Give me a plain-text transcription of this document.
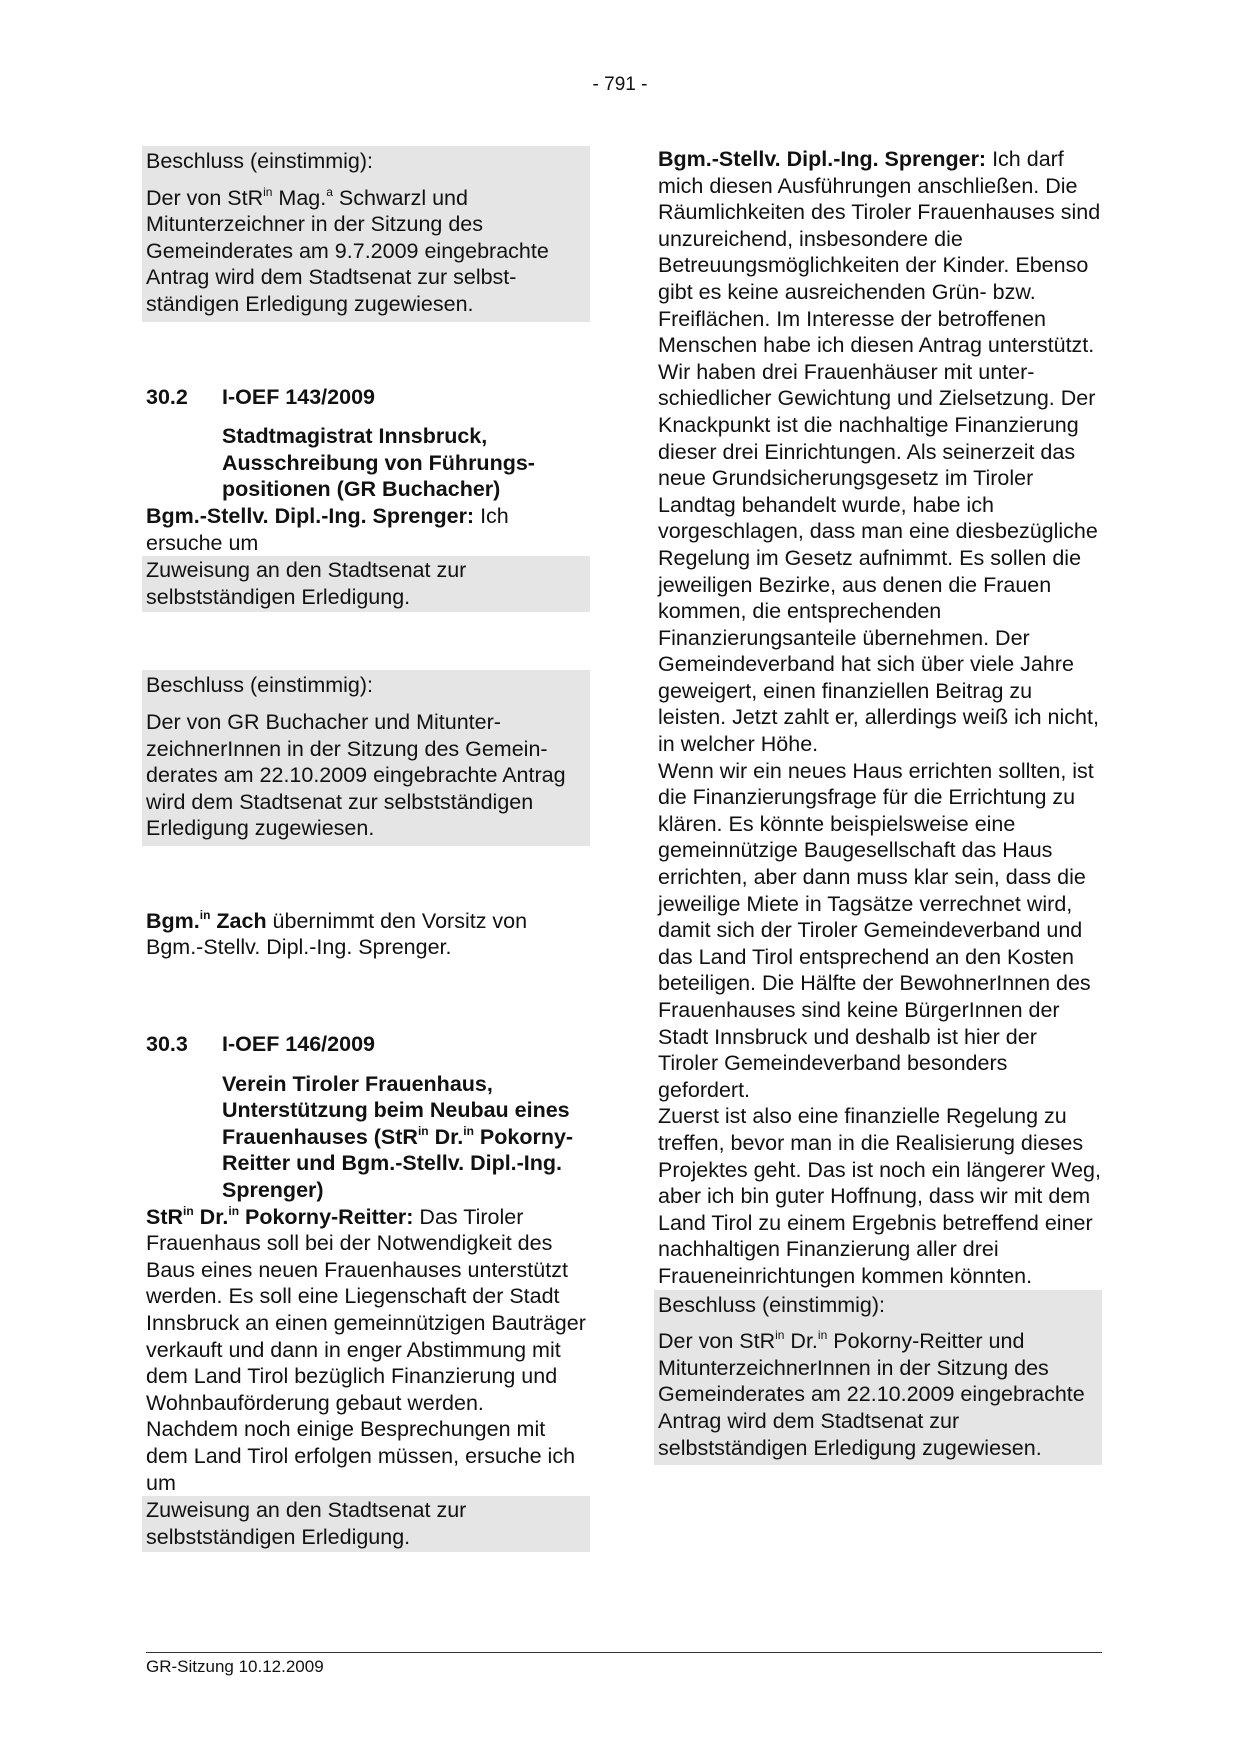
- 791 -

Beschluss (einstimmig):

Der von StR$^{in}$ Mag.$^a$ Schwarzl und Mitunterzeichner in der Sitzung des Gemeinderates am 9.7.2009 eingebrachte Antrag wird dem Stadtsenat zur selbstständigen Erledigung zugewiesen.

30.2	I-OEF 143/2009

Stadtmagistrat Innsbruck, Ausschreibung von Führungspositionen (GR Buchacher)

Bgm.-Stellv. Dipl.-Ing. Sprenger: Ich ersuche um

Zuweisung an den Stadtsenat zur selbstständigen Erledigung.

Beschluss (einstimmig):

Der von GR Buchacher und MitunterzeichnerInnen in der Sitzung des Gemeinderates am 22.10.2009 eingebrachte Antrag wird dem Stadtsenat zur selbstständigen Erledigung zugewiesen.

Bgm.$^{in}$ Zach übernimmt den Vorsitz von Bgm.-Stellv. Dipl.-Ing. Sprenger.

30.3	I-OEF 146/2009

Verein Tiroler Frauenhaus, Unterstützung beim Neubau eines Frauenhauses (StR$^{in}$ Dr.$^{in}$ Pokorny-Reitter und Bgm.-Stellv. Dipl.-Ing. Sprenger)

StR$^{in}$ Dr.$^{in}$ Pokorny-Reitter: Das Tiroler Frauenhaus soll bei der Notwendigkeit des Baus eines neuen Frauenhauses unterstützt werden. Es soll eine Liegenschaft der Stadt Innsbruck an einen gemeinnützigen Bauträger verkauft und dann in enger Abstimmung mit dem Land Tirol bezüglich Finanzierung und Wohnbauförderung gebaut werden.

Nachdem noch einige Besprechungen mit dem Land Tirol erfolgen müssen, ersuche ich um

Zuweisung an den Stadtsenat zur selbstständigen Erledigung.

Bgm.-Stellv. Dipl.-Ing. Sprenger: Ich darf mich diesen Ausführungen anschließen. Die Räumlichkeiten des Tiroler Frauenhauses sind unzureichend, insbesondere die Betreuungsmöglichkeiten der Kinder. Ebenso gibt es keine ausreichenden Grün- bzw. Freiflächen. Im Interesse der betroffenen Menschen habe ich diesen Antrag unterstützt.

Wir haben drei Frauenhäuser mit unterschiedlicher Gewichtung und Zielsetzung. Der Knackpunkt ist die nachhaltige Finanzierung dieser drei Einrichtungen. Als seinerzeit das neue Grundsicherungsgesetz im Tiroler Landtag behandelt wurde, habe ich vorgeschlagen, dass man eine diesbezügliche Regelung im Gesetz aufnimmt. Es sollen die jeweiligen Bezirke, aus denen die Frauen kommen, die entsprechenden Finanzierungsanteile übernehmen. Der Gemeindeverband hat sich über viele Jahre geweigert, einen finanziellen Beitrag zu leisten. Jetzt zahlt er, allerdings weiß ich nicht, in welcher Höhe.

Wenn wir ein neues Haus errichten sollten, ist die Finanzierungsfrage für die Errichtung zu klären. Es könnte beispielsweise eine gemeinnützige Baugesellschaft das Haus errichten, aber dann muss klar sein, dass die jeweilige Miete in Tagsätze verrechnet wird, damit sich der Tiroler Gemeindeverband und das Land Tirol entsprechend an den Kosten beteiligen. Die Hälfte der BewohnerInnen des Frauenhauses sind keine BürgerInnen der Stadt Innsbruck und deshalb ist hier der Tiroler Gemeindeverband besonders gefordert.

Zuerst ist also eine finanzielle Regelung zu treffen, bevor man in die Realisierung dieses Projektes geht. Das ist noch ein längerer Weg, aber ich bin guter Hoffnung, dass wir mit dem Land Tirol zu einem Ergebnis betreffend einer nachhaltigen Finanzierung aller drei Fraueneinrichtungen kommen könnten.

Beschluss (einstimmig):

Der von StR$^{in}$ Dr.$^{in}$ Pokorny-Reitter und MitunterzeichnerInnen in der Sitzung des Gemeinderates am 22.10.2009 eingebrachte Antrag wird dem Stadtsenat zur selbstständigen Erledigung zugewiesen.

GR-Sitzung 10.12.2009
